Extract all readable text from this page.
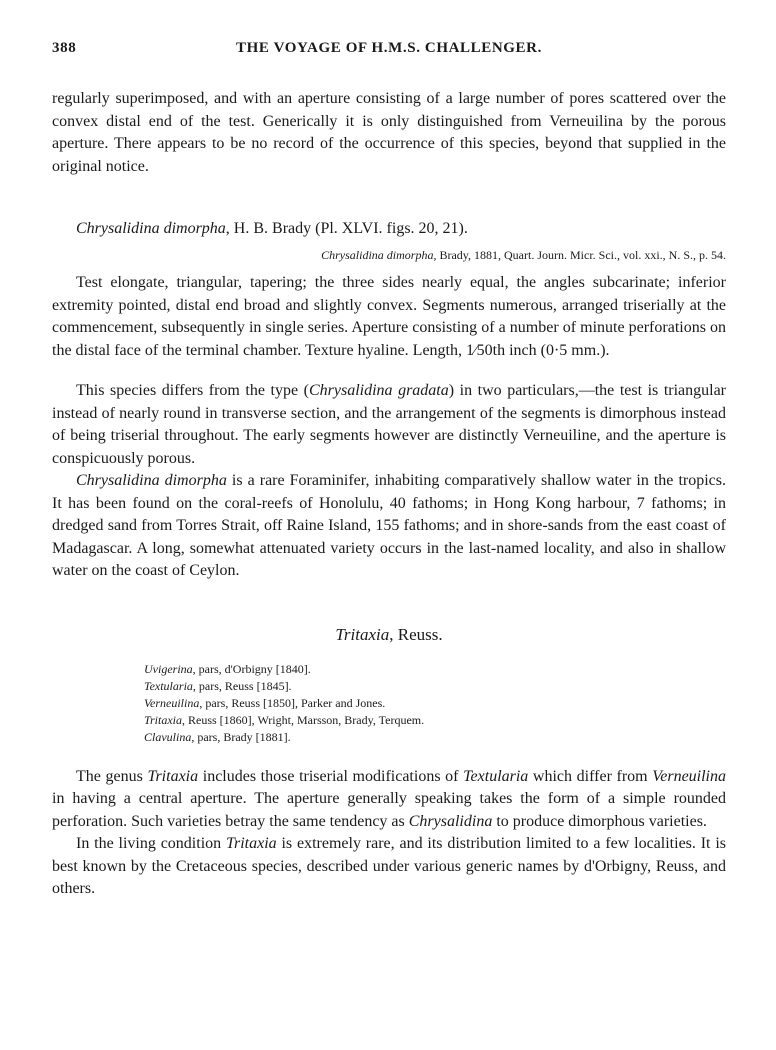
388	THE VOYAGE OF H.M.S. CHALLENGER.

regularly superimposed, and with an aperture consisting of a large number of pores scattered over the convex distal end of the test. Generically it is only distinguished from Verneuilina by the porous aperture. There appears to be no record of the occurrence of this species, beyond that supplied in the original notice.

Chrysalidina dimorpha, H. B. Brady (Pl. XLVI. figs. 20, 21).
Chrysalidina dimorpha, Brady, 1881, Quart. Journ. Micr. Sci., vol. xxi., N. S., p. 54.

Test elongate, triangular, tapering; the three sides nearly equal, the angles subcarinate; inferior extremity pointed, distal end broad and slightly convex. Segments numerous, arranged triserially at the commencement, subsequently in single series. Aperture consisting of a number of minute perforations on the distal face of the terminal chamber. Texture hyaline. Length, 1⁄50th inch (0·5 mm.).

This species differs from the type (Chrysalidina gradata) in two particulars,—the test is triangular instead of nearly round in transverse section, and the arrangement of the segments is dimorphous instead of being triserial throughout. The early segments however are distinctly Verneuiline, and the aperture is conspicuously porous.

Chrysalidina dimorpha is a rare Foraminifer, inhabiting comparatively shallow water in the tropics. It has been found on the coral-reefs of Honolulu, 40 fathoms; in Hong Kong harbour, 7 fathoms; in dredged sand from Torres Strait, off Raine Island, 155 fathoms; and in shore-sands from the east coast of Madagascar. A long, somewhat attenuated variety occurs in the last-named locality, and also in shallow water on the coast of Ceylon.

Tritaxia, Reuss.
Uvigerina, pars, d'Orbigny [1840].
Textularia, pars, Reuss [1845].
Verneuilina, pars, Reuss [1850], Parker and Jones.
Tritaxia, Reuss [1860], Wright, Marsson, Brady, Terquem.
Clavulina, pars, Brady [1881].

The genus Tritaxia includes those triserial modifications of Textularia which differ from Verneuilina in having a central aperture. The aperture generally speaking takes the form of a simple rounded perforation. Such varieties betray the same tendency as Chrysalidina to produce dimorphous varieties.

In the living condition Tritaxia is extremely rare, and its distribution limited to a few localities. It is best known by the Cretaceous species, described under various generic names by d'Orbigny, Reuss, and others.
